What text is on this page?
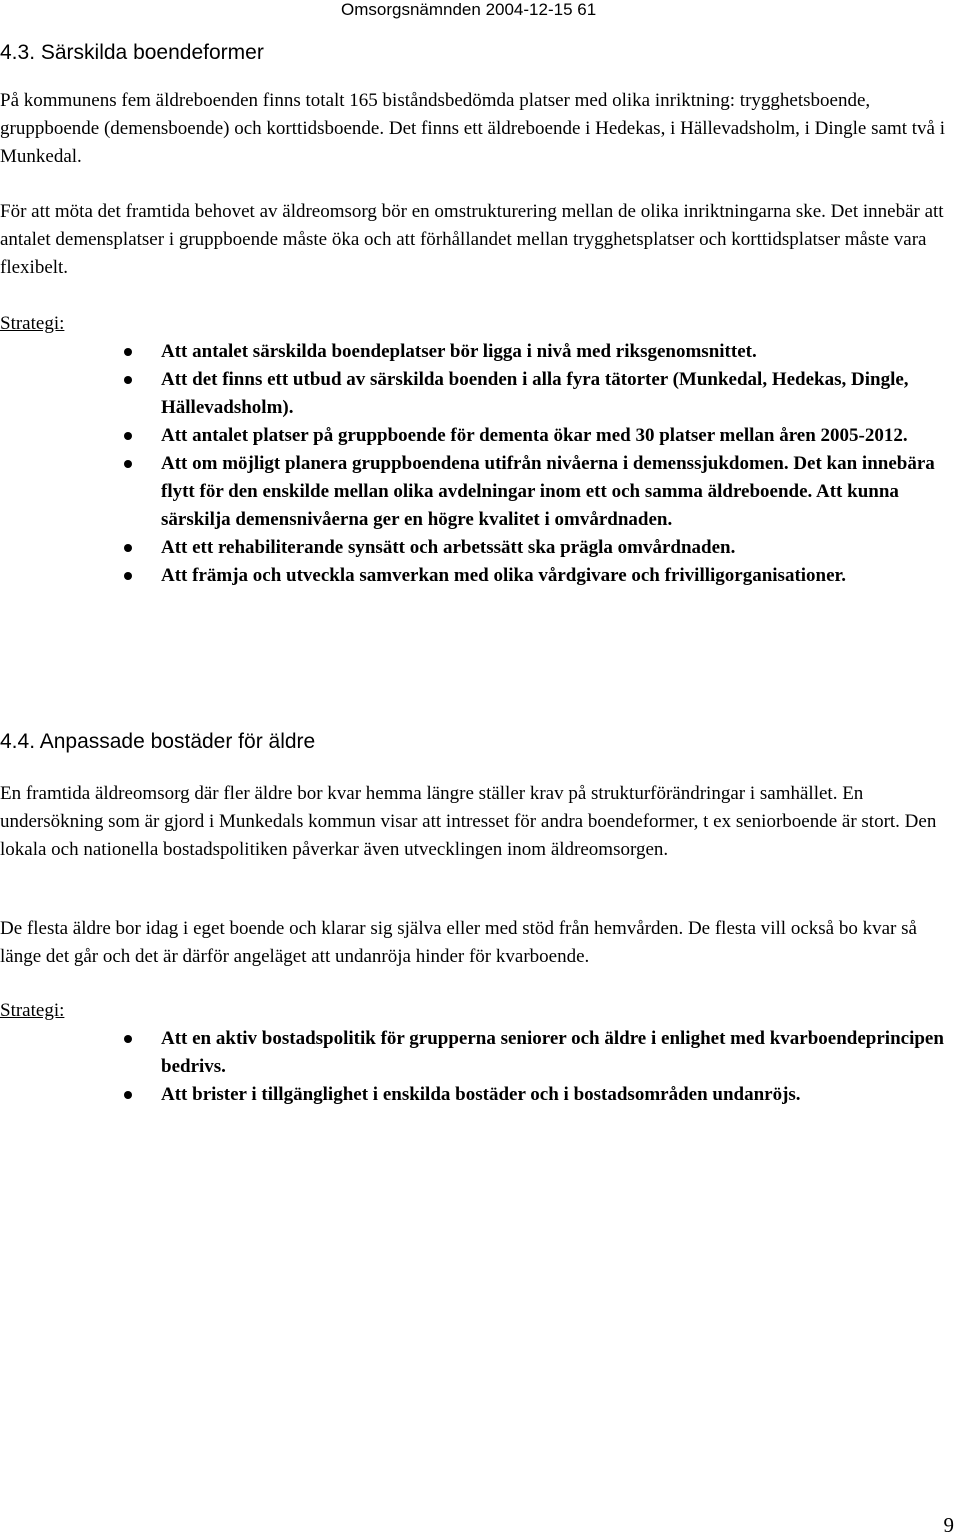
Omsorgsnämnden 2004-12-15 61
4.3. Särskilda boendeformer

På kommunens fem äldreboenden finns totalt 165 biståndsbedömda platser med olika inriktning: trygghetsboende, gruppboende (demensboende) och korttidsboende. Det finns ett äldreboende i Hedekas, i Hällevadsholm, i Dingle samt två i Munkedal.

För att möta det framtida behovet av äldreomsorg bör en omstrukturering mellan de olika inriktningarna ske. Det innebär att antalet demensplatser i gruppboende måste öka och att förhållandet mellan trygghetsplatser och korttidsplatser måste vara flexibelt.

Strategi:
Att antalet särskilda boendeplatser bör ligga i nivå med riksgenomsnittet.
Att det finns ett utbud av särskilda boenden i alla fyra tätorter (Munkedal, Hedekas, Dingle, Hällevadsholm).
Att antalet platser på gruppboende för dementa ökar med 30 platser mellan åren 2005-2012.
Att om möjligt planera gruppboendena utifrån nivåerna i demenssjukdomen. Det kan innebära flytt för den enskilde mellan olika avdelningar inom ett och samma äldreboende. Att kunna särskilja demensnivåerna ger en högre kvalitet i omvårdnaden.
Att ett rehabiliterande synsätt och arbetssätt ska prägla omvårdnaden.
Att främja och utveckla samverkan med olika vårdgivare och frivilligorganisationer.
4.4. Anpassade bostäder för äldre

En framtida äldreomsorg där fler äldre bor kvar hemma längre ställer krav på strukturförändringar i samhället. En undersökning som är gjord i Munkedals kommun visar att intresset för andra boendeformer, t ex seniorboende är stort. Den lokala och nationella bostadspolitiken påverkar även utvecklingen inom äldreomsorgen.

De flesta äldre bor idag i eget boende och klarar sig själva eller med stöd från hemvården. De flesta vill också bo kvar så länge det går och det är därför angeläget att undanröja hinder för kvarboende.

Strategi:
Att en aktiv bostadspolitik för grupperna seniorer och äldre i enlighet med kvarboendeprincipen bedrivs.
Att brister i tillgänglighet i enskilda bostäder och i bostadsområden undanröjs.
9
